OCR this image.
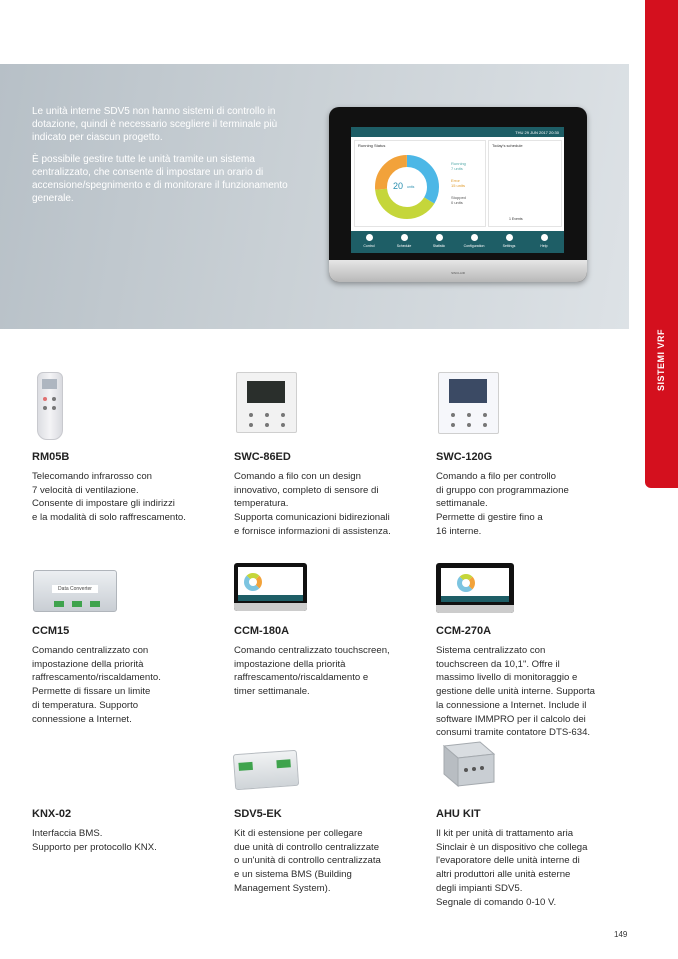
SISTEMI VRF

Le unità interne SDV5 non hanno sistemi di controllo in dotazione, quindi è necessario scegliere il terminale più indicato per ciascun progetto.

È possibile gestire tutte le unità tramite un sistema centralizzato, che consente di impostare un orario di accensione/spegnimento e di monitorare il funzionamento generale.

THU 29 JUN 2017 20:30
Running Status
20 units
Running
7 units
Error
15 units
Stopped
0 units
Today's schedule
1 Events
Control	Schedule	Statistic	Configuration	Settings	Help
SINCLAIR
RM05B
Telecomando infrarosso con
7 velocità di ventilazione.
Consente di impostare gli indirizzi
e la modalità di solo raffrescamento.
SWC-86ED
Comando a filo con un design
innovativo, completo di sensore di
temperatura.
Supporta comunicazioni bidirezionali
e fornisce informazioni di assistenza.
SWC-120G
Comando a filo per controllo
di gruppo con programmazione
settimanale.
Permette di gestire fino a
16 interne.
Data Converter
CCM15
Comando centralizzato con
impostazione della priorità
raffrescamento/riscaldamento.
Permette di fissare un limite
di temperatura. Supporto
connessione a Internet.
CCM-180A
Comando centralizzato touchscreen,
impostazione della priorità
raffrescamento/riscaldamento e
timer settimanale.
CCM-270A
Sistema centralizzato con
touchscreen da 10,1". Offre il
massimo livello di monitoraggio e
gestione delle unità interne. Supporta
la connessione a Internet. Include il
software IMMPRO per il calcolo dei
consumi tramite contatore DTS-634.
KNX-02
Interfaccia BMS.
Supporto per protocollo KNX.
SDV5-EK
Kit di estensione per collegare
due unità di controllo centralizzate
o un'unità di controllo centralizzata
e un sistema BMS (Building
Management System).
AHU KIT
Il kit per unità di trattamento aria
Sinclair è un dispositivo che collega
l'evaporatore delle unità interne di
altri produttori alle unità esterne
degli impianti SDV5.
Segnale di comando 0-10 V.
149
